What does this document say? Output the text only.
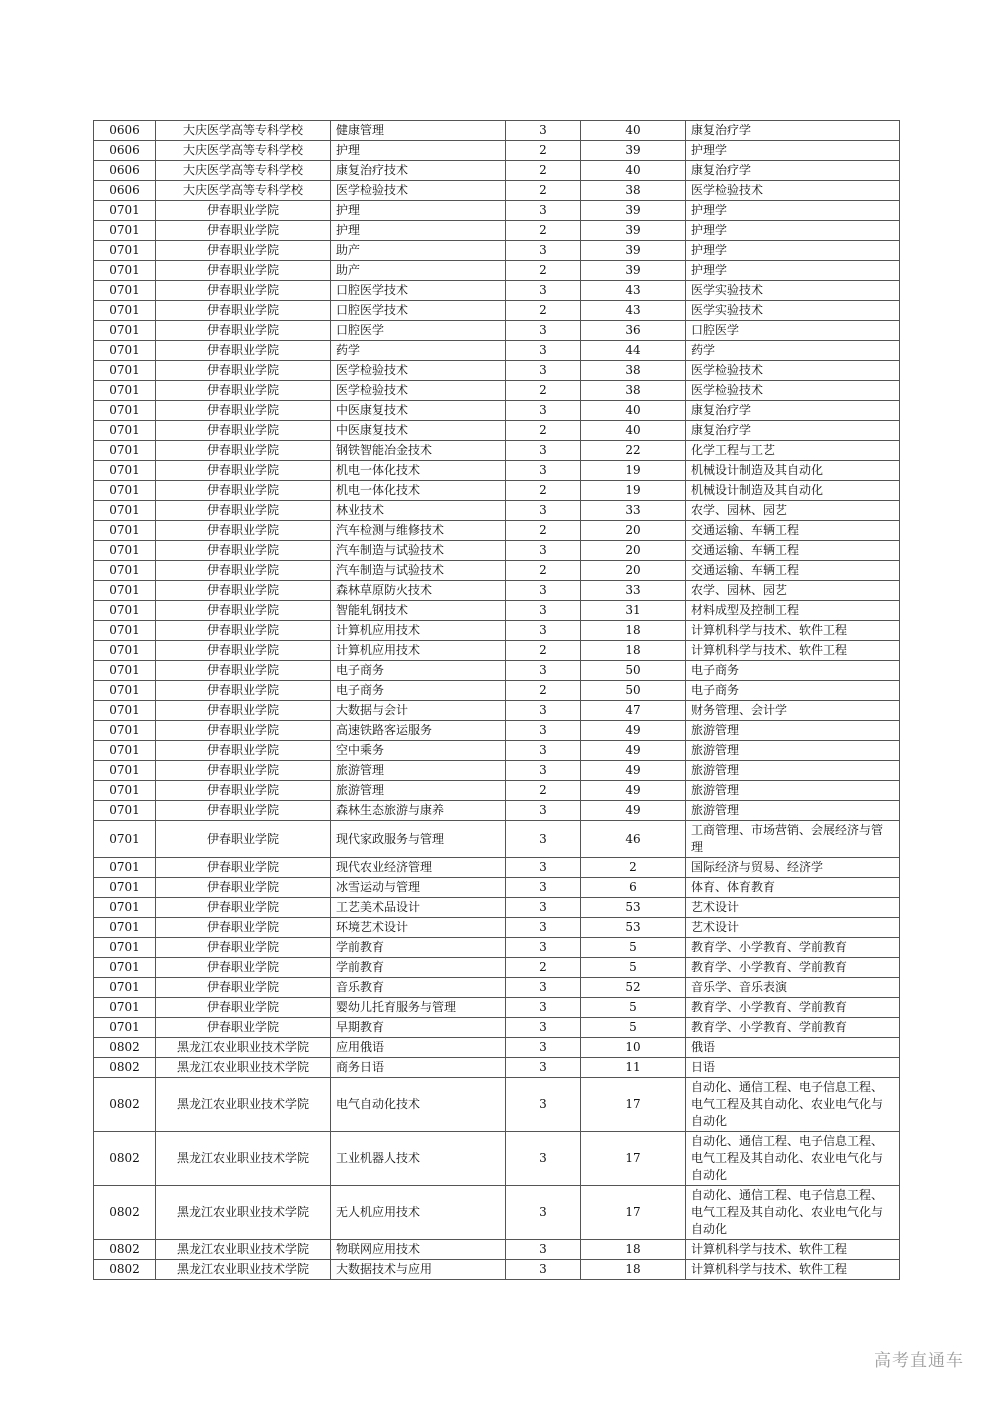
0606	大庆医学高等专科学校	健康管理	3	40	康复治疗学
0606	大庆医学高等专科学校	护理	2	39	护理学
0606	大庆医学高等专科学校	康复治疗技术	2	40	康复治疗学
0606	大庆医学高等专科学校	医学检验技术	2	38	医学检验技术
0701	伊春职业学院	护理	3	39	护理学
0701	伊春职业学院	护理	2	39	护理学
0701	伊春职业学院	助产	3	39	护理学
0701	伊春职业学院	助产	2	39	护理学
0701	伊春职业学院	口腔医学技术	3	43	医学实验技术
0701	伊春职业学院	口腔医学技术	2	43	医学实验技术
0701	伊春职业学院	口腔医学	3	36	口腔医学
0701	伊春职业学院	药学	3	44	药学
0701	伊春职业学院	医学检验技术	3	38	医学检验技术
0701	伊春职业学院	医学检验技术	2	38	医学检验技术
0701	伊春职业学院	中医康复技术	3	40	康复治疗学
0701	伊春职业学院	中医康复技术	2	40	康复治疗学
0701	伊春职业学院	钢铁智能冶金技术	3	22	化学工程与工艺
0701	伊春职业学院	机电一体化技术	3	19	机械设计制造及其自动化
0701	伊春职业学院	机电一体化技术	2	19	机械设计制造及其自动化
0701	伊春职业学院	林业技术	3	33	农学、园林、园艺
0701	伊春职业学院	汽车检测与维修技术	2	20	交通运输、车辆工程
0701	伊春职业学院	汽车制造与试验技术	3	20	交通运输、车辆工程
0701	伊春职业学院	汽车制造与试验技术	2	20	交通运输、车辆工程
0701	伊春职业学院	森林草原防火技术	3	33	农学、园林、园艺
0701	伊春职业学院	智能轧钢技术	3	31	材料成型及控制工程
0701	伊春职业学院	计算机应用技术	3	18	计算机科学与技术、软件工程
0701	伊春职业学院	计算机应用技术	2	18	计算机科学与技术、软件工程
0701	伊春职业学院	电子商务	3	50	电子商务
0701	伊春职业学院	电子商务	2	50	电子商务
0701	伊春职业学院	大数据与会计	3	47	财务管理、会计学
0701	伊春职业学院	高速铁路客运服务	3	49	旅游管理
0701	伊春职业学院	空中乘务	3	49	旅游管理
0701	伊春职业学院	旅游管理	3	49	旅游管理
0701	伊春职业学院	旅游管理	2	49	旅游管理
0701	伊春职业学院	森林生态旅游与康养	3	49	旅游管理
0701	伊春职业学院	现代家政服务与管理	3	46	工商管理、市场营销、会展经济与管理
0701	伊春职业学院	现代农业经济管理	3	2	国际经济与贸易、经济学
0701	伊春职业学院	冰雪运动与管理	3	6	体育、体育教育
0701	伊春职业学院	工艺美术品设计	3	53	艺术设计
0701	伊春职业学院	环境艺术设计	3	53	艺术设计
0701	伊春职业学院	学前教育	3	5	教育学、小学教育、学前教育
0701	伊春职业学院	学前教育	2	5	教育学、小学教育、学前教育
0701	伊春职业学院	音乐教育	3	52	音乐学、音乐表演
0701	伊春职业学院	婴幼儿托育服务与管理	3	5	教育学、小学教育、学前教育
0701	伊春职业学院	早期教育	3	5	教育学、小学教育、学前教育
0802	黑龙江农业职业技术学院	应用俄语	3	10	俄语
0802	黑龙江农业职业技术学院	商务日语	3	11	日语
0802	黑龙江农业职业技术学院	电气自动化技术	3	17	自动化、通信工程、电子信息工程、电气工程及其自动化、农业电气化与自动化
0802	黑龙江农业职业技术学院	工业机器人技术	3	17	自动化、通信工程、电子信息工程、电气工程及其自动化、农业电气化与自动化
0802	黑龙江农业职业技术学院	无人机应用技术	3	17	自动化、通信工程、电子信息工程、电气工程及其自动化、农业电气化与自动化
0802	黑龙江农业职业技术学院	物联网应用技术	3	18	计算机科学与技术、软件工程
0802	黑龙江农业职业技术学院	大数据技术与应用	3	18	计算机科学与技术、软件工程
高考直通车
